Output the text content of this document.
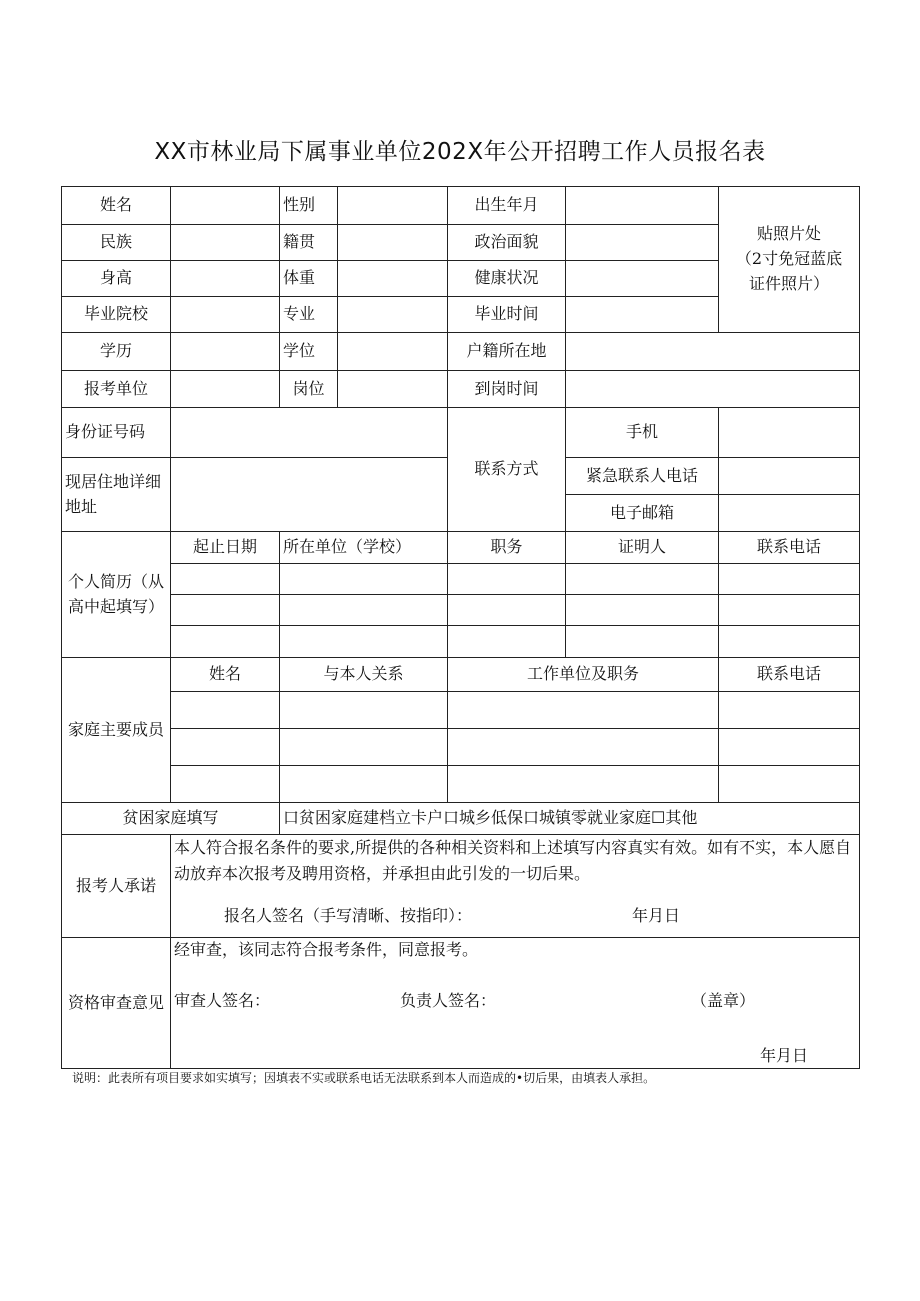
XX市林业局下属事业单位202X年公开招聘工作人员报名表
姓名		性别		出生年月		贴照片处
（2寸免冠蓝底
证件照片）
民族		籍贯		政治面貌		
身高		体重		健康状况		
毕业院校		专业		毕业时间		
学历		学位		户籍所在地		
报考单位		岗位		到岗时间		
身份证号码				联系方式	手机	
现居住地详细地址					紧急联系人电话	
					电子邮箱	
个人简历（从高中起填写）	起止日期	所在单位（学校）		职务	证明人	联系电话

家庭主要成员	姓名	与本人关系		工作单位及职务		联系电话

贫困家庭填写		口贫困家庭建档立卡户口城乡低保口城镇零就业家庭☐其他				
报考人承诺	本人符合报名条件的要求,所提供的各种相关资料和上述填写内容真实有效。如有不实，本人愿自动放弃本次报考及聘用资格，并承担由此引发的一切后果。
报名人签名（手写清晰、按指印）： 年月日					

资格审查意见	经审查，该同志符合报考条件，同意报考。
审查人签名： 负责人签名： （盖章）
年月日					
说明：此表所有项目要求如实填写；因填表不实或联系电话无法联系到本人而造成的•切后果，由填表人承担。
